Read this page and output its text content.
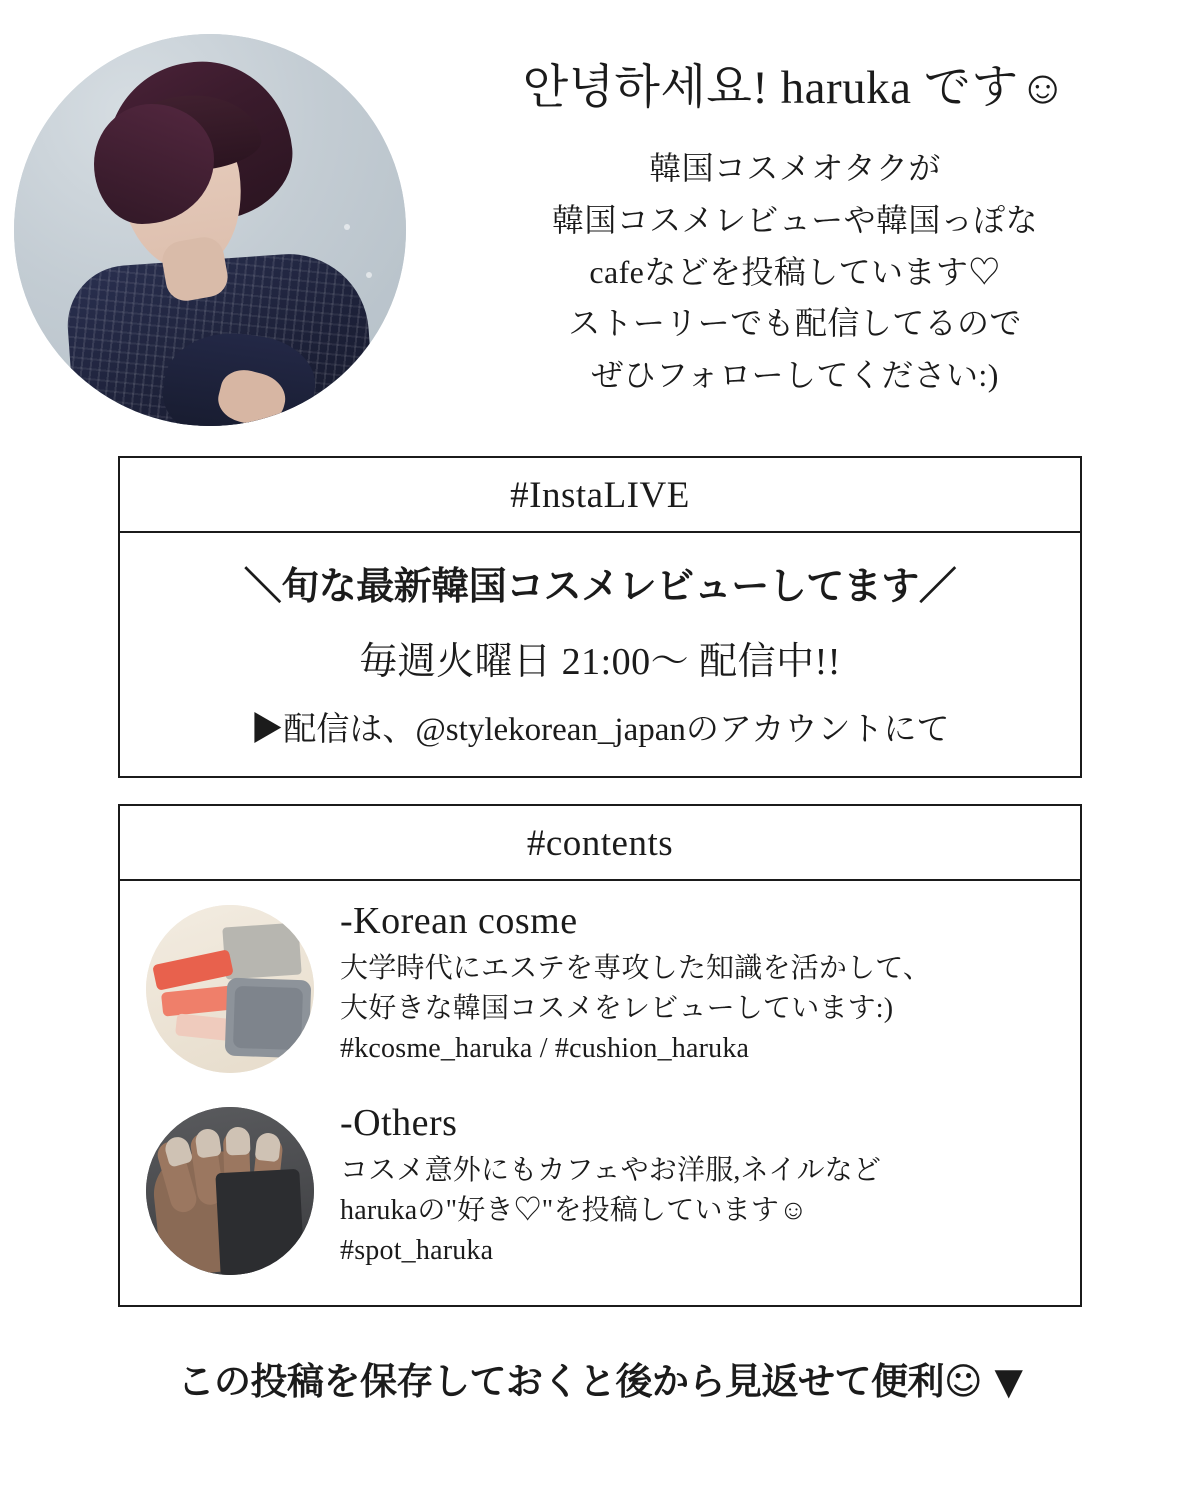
안녕하세요! haruka です☺

韓国コスメオタクが
韓国コスメレビューや韓国っぽな
cafeなどを投稿しています♡
ストーリーでも配信してるので
ぜひフォローしてください:)

#InstaLIVE
＼旬な最新韓国コスメレビューしてます／
毎週火曜日 21:00〜 配信中!!
▶配信は、@stylekorean_japanのアカウントにて
#contents
-Korean cosme

大学時代にエステを専攻した知識を活かして、
大好きな韓国コスメをレビューしています:)

#kcosme_haruka / #cushion_haruka

-Others

コスメ意外にもカフェやお洋服,ネイルなど
harukaの"好き♡"を投稿しています☺

#spot_haruka

この投稿を保存しておくと後から見返せて便利☺ ▼
